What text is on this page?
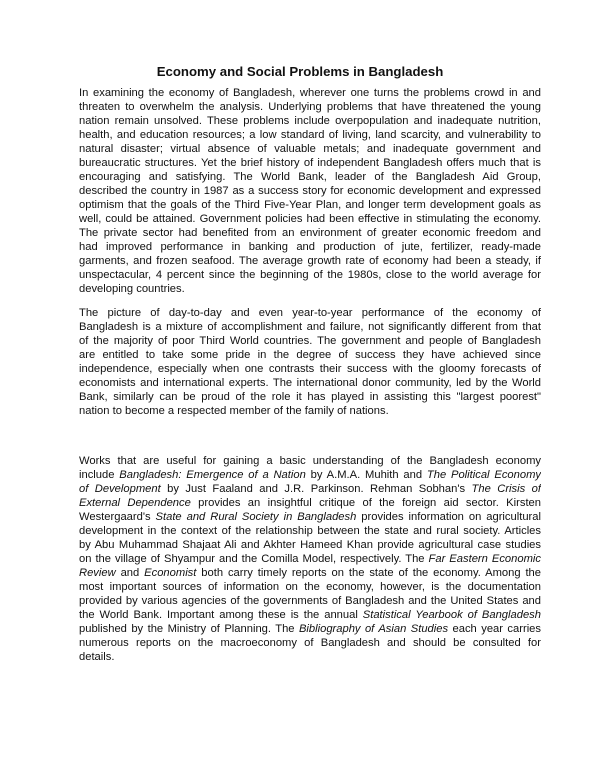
Economy and Social Problems in Bangladesh
In examining the economy of Bangladesh, wherever one turns the problems crowd in and
threaten to overwhelm the analysis. Underlying problems that have threatened the young
nation remain unsolved. These problems include overpopulation and inadequate nutrition,
health, and education resources; a low standard of living, land scarcity, and vulnerability to
natural disaster; virtual absence of valuable metals; and inadequate government and
bureaucratic structures. Yet the brief history of independent Bangladesh offers much that is
encouraging and satisfying. The World Bank, leader of the Bangladesh Aid Group,
described the country in 1987 as a success story for economic development and expressed
optimism that the goals of the Third Five-Year Plan, and longer term development goals as
well, could be attained. Government policies had been effective in stimulating the economy.
The private sector had benefited from an environment of greater economic freedom and
had improved performance in banking and production of jute, fertilizer, ready-made
garments, and frozen seafood. The average growth rate of economy had been a steady, if
unspectacular, 4 percent since the beginning of the 1980s, close to the world average for
developing countries.
The picture of day-to-day and even year-to-year performance of the economy of
Bangladesh is a mixture of accomplishment and failure, not significantly different from that
of the majority of poor Third World countries. The government and people of Bangladesh
are entitled to take some pride in the degree of success they have achieved since
independence, especially when one contrasts their success with the gloomy forecasts of
economists and international experts. The international donor community, led by the World
Bank, similarly can be proud of the role it has played in assisting this "largest poorest"
nation to become a respected member of the family of nations.
Works that are useful for gaining a basic understanding of the Bangladesh economy
include Bangladesh: Emergence of a Nation by A.M.A. Muhith and The Political Economy
of Development by Just Faaland and J.R. Parkinson. Rehman Sobhan's The Crisis of
External Dependence provides an insightful critique of the foreign aid sector. Kirsten
Westergaard's State and Rural Society in Bangladesh provides information on agricultural
development in the context of the relationship between the state and rural society. Articles
by Abu Muhammad Shajaat Ali and Akhter Hameed Khan provide agricultural case studies
on the village of Shyampur and the Comilla Model, respectively. The Far Eastern Economic
Review and Economist both carry timely reports on the state of the economy. Among the
most important sources of information on the economy, however, is the documentation
provided by various agencies of the governments of Bangladesh and the United States and
the World Bank. Important among these is the annual Statistical Yearbook of Bangladesh
published by the Ministry of Planning. The Bibliography of Asian Studies each year carries
numerous reports on the macroeconomy of Bangladesh and should be consulted for
details.
